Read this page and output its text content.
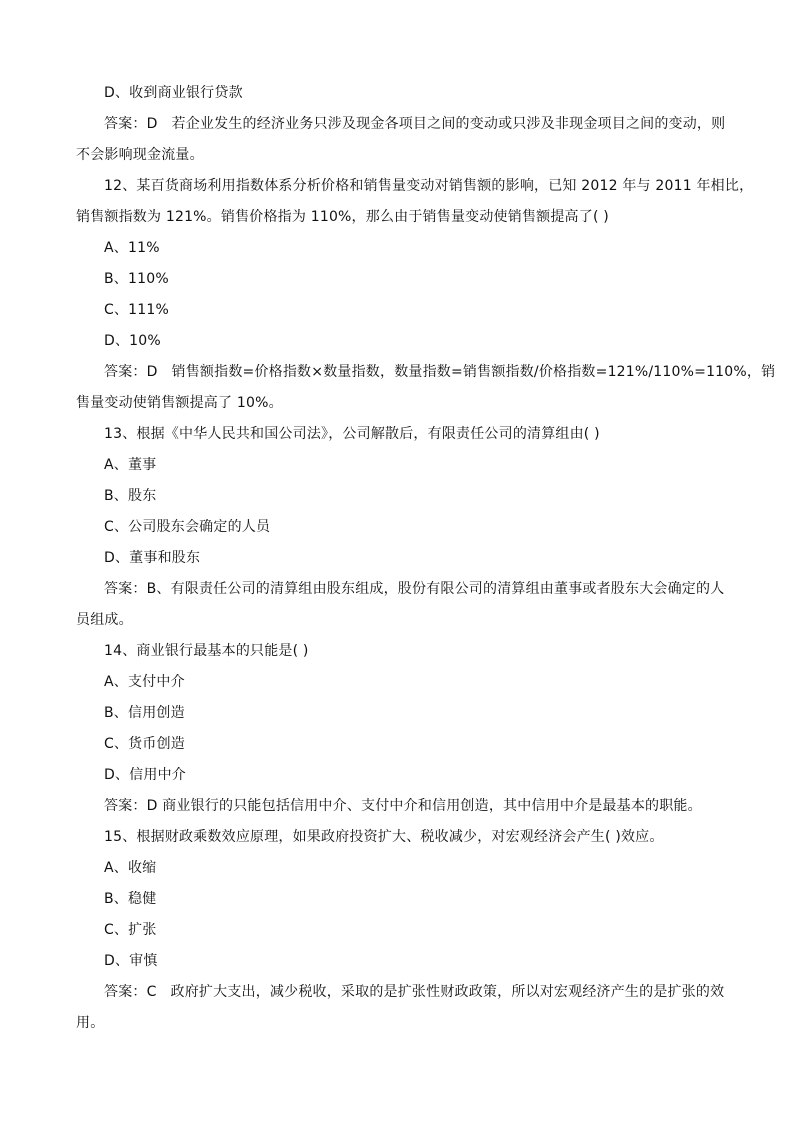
D、收到商业银行贷款
答案：D   若企业发生的经济业务只涉及现金各项目之间的变动或只涉及非现金项目之间的变动，则
不会影响现金流量。
12、某百货商场利用指数体系分析价格和销售量变动对销售额的影响，已知 2012 年与 2011 年相比，
销售额指数为 121%。销售价格指为 110%，那么由于销售量变动使销售额提高了( )
A、11%
B、110%
C、111%
D、10%
答案：D   销售额指数=价格指数×数量指数，数量指数=销售额指数/价格指数=121%/110%=110%，销
售量变动使销售额提高了 10%。
13、根据《中华人民共和国公司法》，公司解散后，有限责任公司的清算组由( )
A、董事
B、股东
C、公司股东会确定的人员
D、董事和股东
答案：B、有限责任公司的清算组由股东组成，股份有限公司的清算组由董事或者股东大会确定的人
员组成。
14、商业银行最基本的只能是( )
A、支付中介
B、信用创造
C、货币创造
D、信用中介
答案：D 商业银行的只能包括信用中介、支付中介和信用创造，其中信用中介是最基本的职能。
15、根据财政乘数效应原理，如果政府投资扩大、税收减少，对宏观经济会产生( )效应。
A、收缩
B、稳健
C、扩张
D、审慎
答案：C   政府扩大支出，减少税收，采取的是扩张性财政政策，所以对宏观经济产生的是扩张的效
用。
